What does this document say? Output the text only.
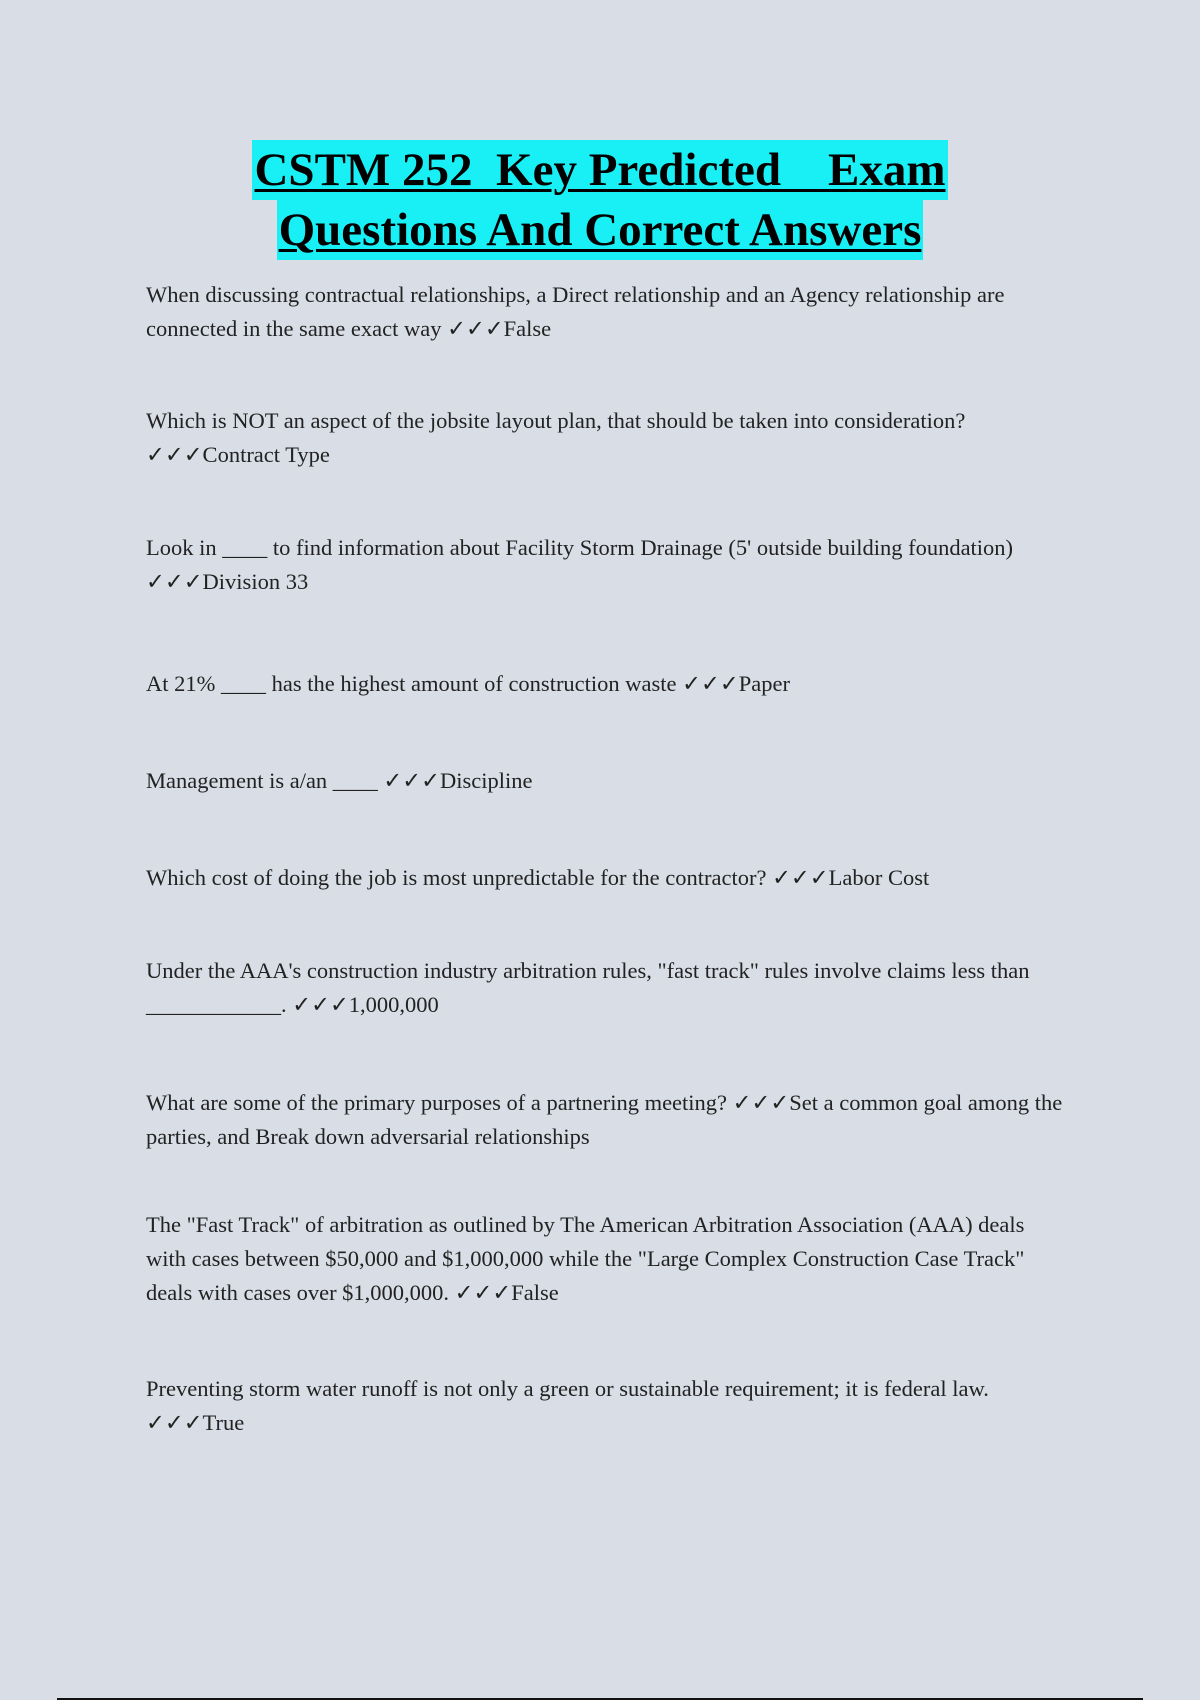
CSTM 252  Key Predicted    Exam
Questions And Correct Answers
When discussing contractual relationships, a Direct relationship and an Agency relationship are connected in the same exact way ✓✓✓False
Which is NOT an aspect of the jobsite layout plan, that should be taken into consideration? ✓✓✓Contract Type
Look in ____ to find information about Facility Storm Drainage (5' outside building foundation) ✓✓✓Division 33
At 21% ____ has the highest amount of construction waste ✓✓✓Paper
Management is a/an ____ ✓✓✓Discipline
Which cost of doing the job is most unpredictable for the contractor? ✓✓✓Labor Cost
Under the AAA's construction industry arbitration rules, "fast track" rules involve claims less than ____________. ✓✓✓1,000,000
What are some of the primary purposes of a partnering meeting? ✓✓✓Set a common goal among the parties, and Break down adversarial relationships
The "Fast Track" of arbitration as outlined by The American Arbitration Association (AAA) deals with cases between $50,000 and $1,000,000 while the "Large Complex Construction Case Track" deals with cases over $1,000,000. ✓✓✓False
Preventing storm water runoff is not only a green or sustainable requirement; it is federal law. ✓✓✓True
